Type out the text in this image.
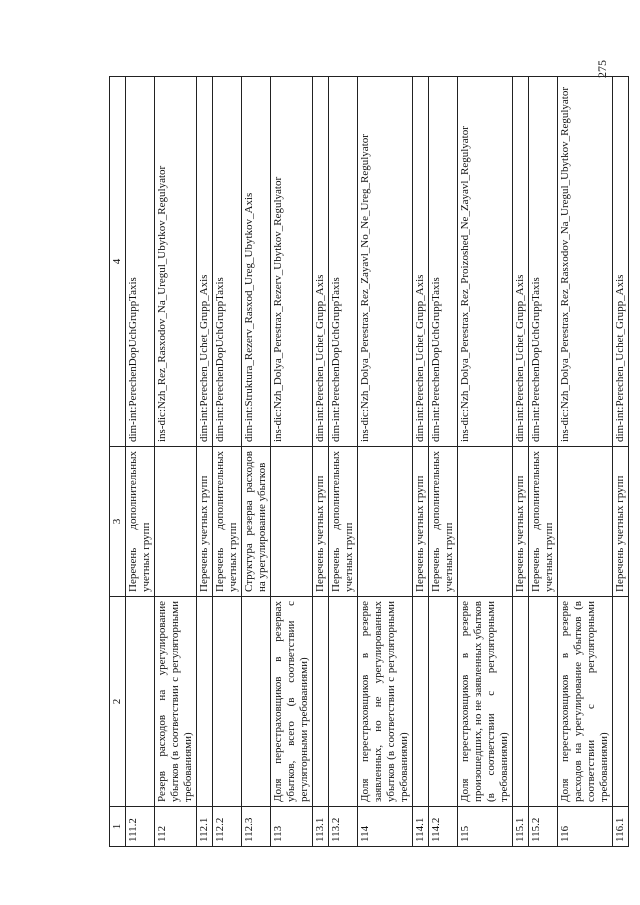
275
1	2	3	4
111.2		Перечень дополнительных учетных групп	dim-int:PerechenDopUchGruppTaxis
112	Резерв расходов на урегулирование убытков (в соответствии с регуляторными требованиями)		ins-dic:Nzh_Rez_Rasxodov_Na_Uregul_Ubytkov_Regulyator
112.1		Перечень учетных групп	dim-int:Perechen_Uchet_Grupp_Axis
112.2		Перечень дополнительных учетных групп	dim-int:PerechenDopUchGruppTaxis
112.3		Структура резерва расходов на урегулирование убытков	dim-int:Struktura_Rezerv_Rasxod_Ureg_Ubytkov_Axis
113	Доля перестраховщиков в резервах убытков, всего (в соответствии с регуляторными требованиями)		ins-dic:Nzh_Dolya_Perestrax_Rezerv_Ubytkov_Regulyator
113.1		Перечень учетных групп	dim-int:Perechen_Uchet_Grupp_Axis
113.2		Перечень дополнительных учетных групп	dim-int:PerechenDopUchGruppTaxis
114	Доля перестраховщиков в резерве заявленных, но не урегулированных убытков (в соответствии с регуляторными требованиями)		ins-dic:Nzh_Dolya_Perestrax_Rez_Zayavl_No_Ne_Ureg_Regulyator
114.1		Перечень учетных групп	dim-int:Perechen_Uchet_Grupp_Axis
114.2		Перечень дополнительных учетных групп	dim-int:PerechenDopUchGruppTaxis
115	Доля перестраховщиков в резерве произошедших, но не заявленных убытков (в соответствии с регуляторными требованиями)		ins-dic:Nzh_Dolya_Perestrax_Rez_Proizoshed_Ne_Zayavl_Regulyator
115.1		Перечень учетных групп	dim-int:Perechen_Uchet_Grupp_Axis
115.2		Перечень дополнительных учетных групп	dim-int:PerechenDopUchGruppTaxis
116	Доля перестраховщиков в резерве расходов на урегулирование убытков (в соответствии с регуляторными требованиями)		ins-dic:Nzh_Dolya_Perestrax_Rez_Rasxodov_Na_Uregul_Ubytkov_Regulyator
116.1		Перечень учетных групп	dim-int:Perechen_Uchet_Grupp_Axis
